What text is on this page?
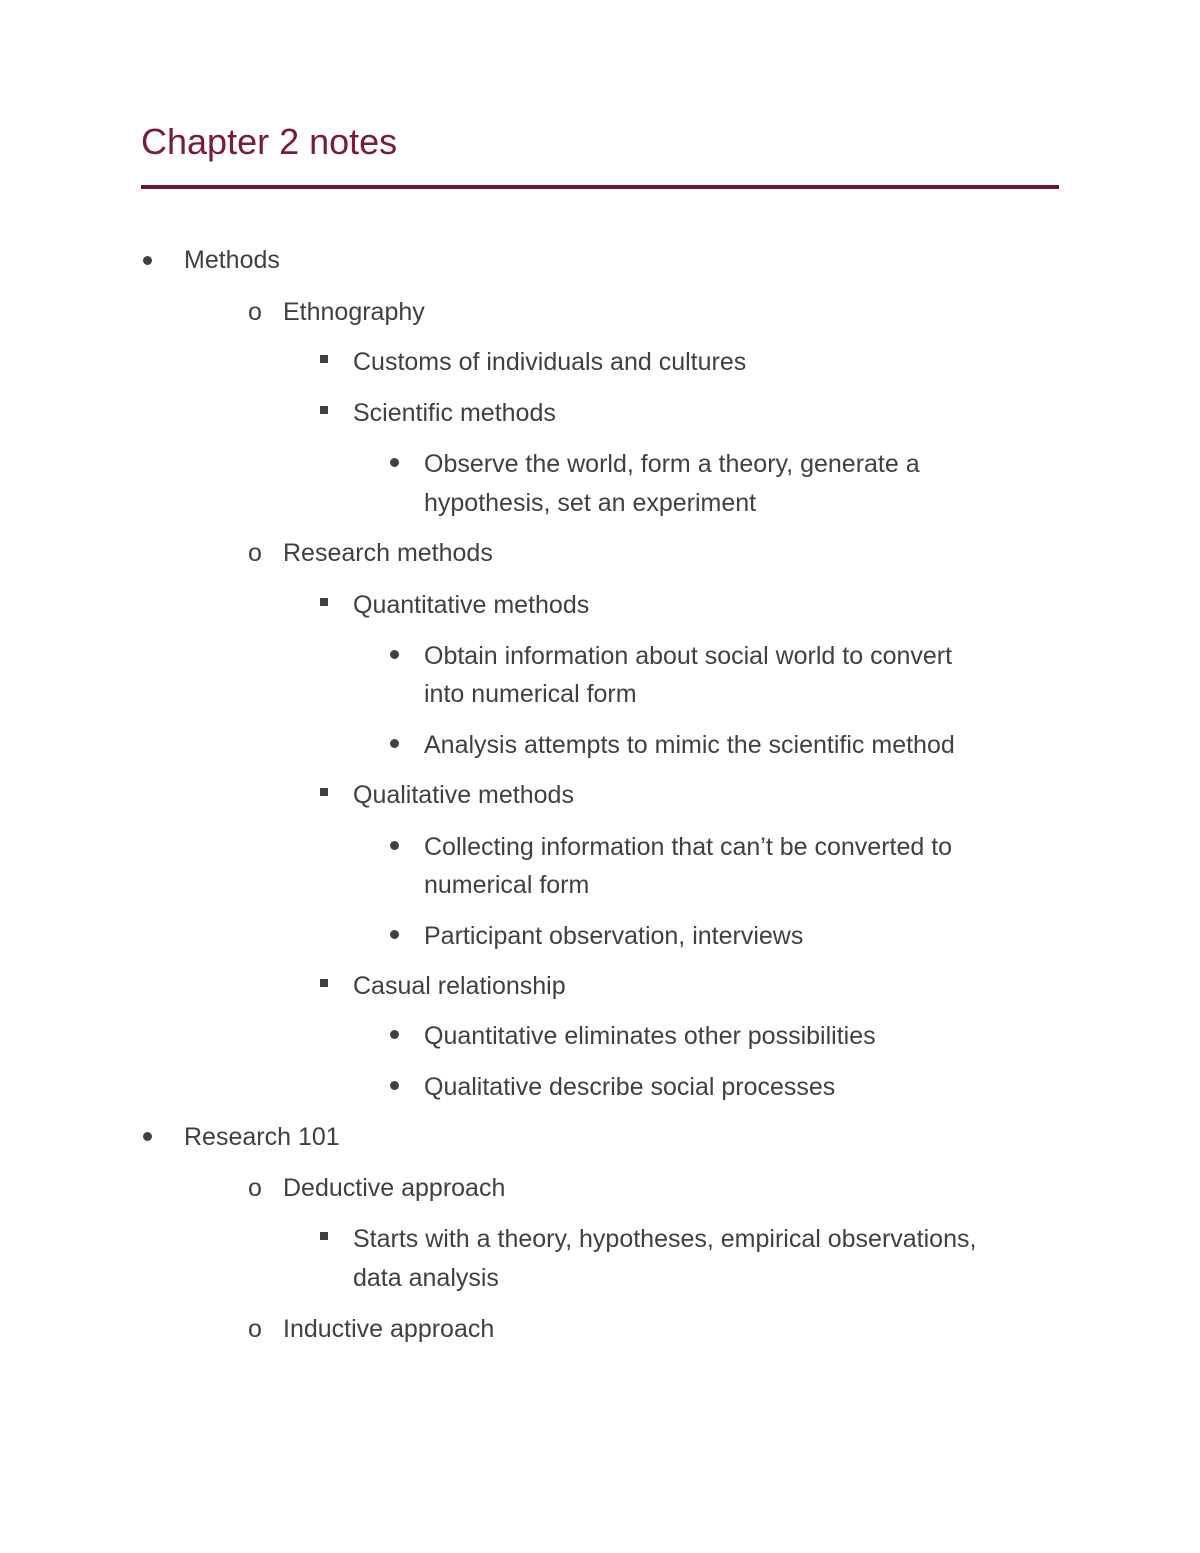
Chapter 2 notes
Methods
o Ethnography
Customs of individuals and cultures
Scientific methods
Observe the world, form a theory, generate a
hypothesis, set an experiment
o Research methods
Quantitative methods
Obtain information about social world to convert
into numerical form
Analysis attempts to mimic the scientific method
Qualitative methods
Collecting information that can’t be converted to
numerical form
Participant observation, interviews
Casual relationship
Quantitative eliminates other possibilities
Qualitative describe social processes
Research 101
o Deductive approach
Starts with a theory, hypotheses, empirical observations,
data analysis
o Inductive approach
